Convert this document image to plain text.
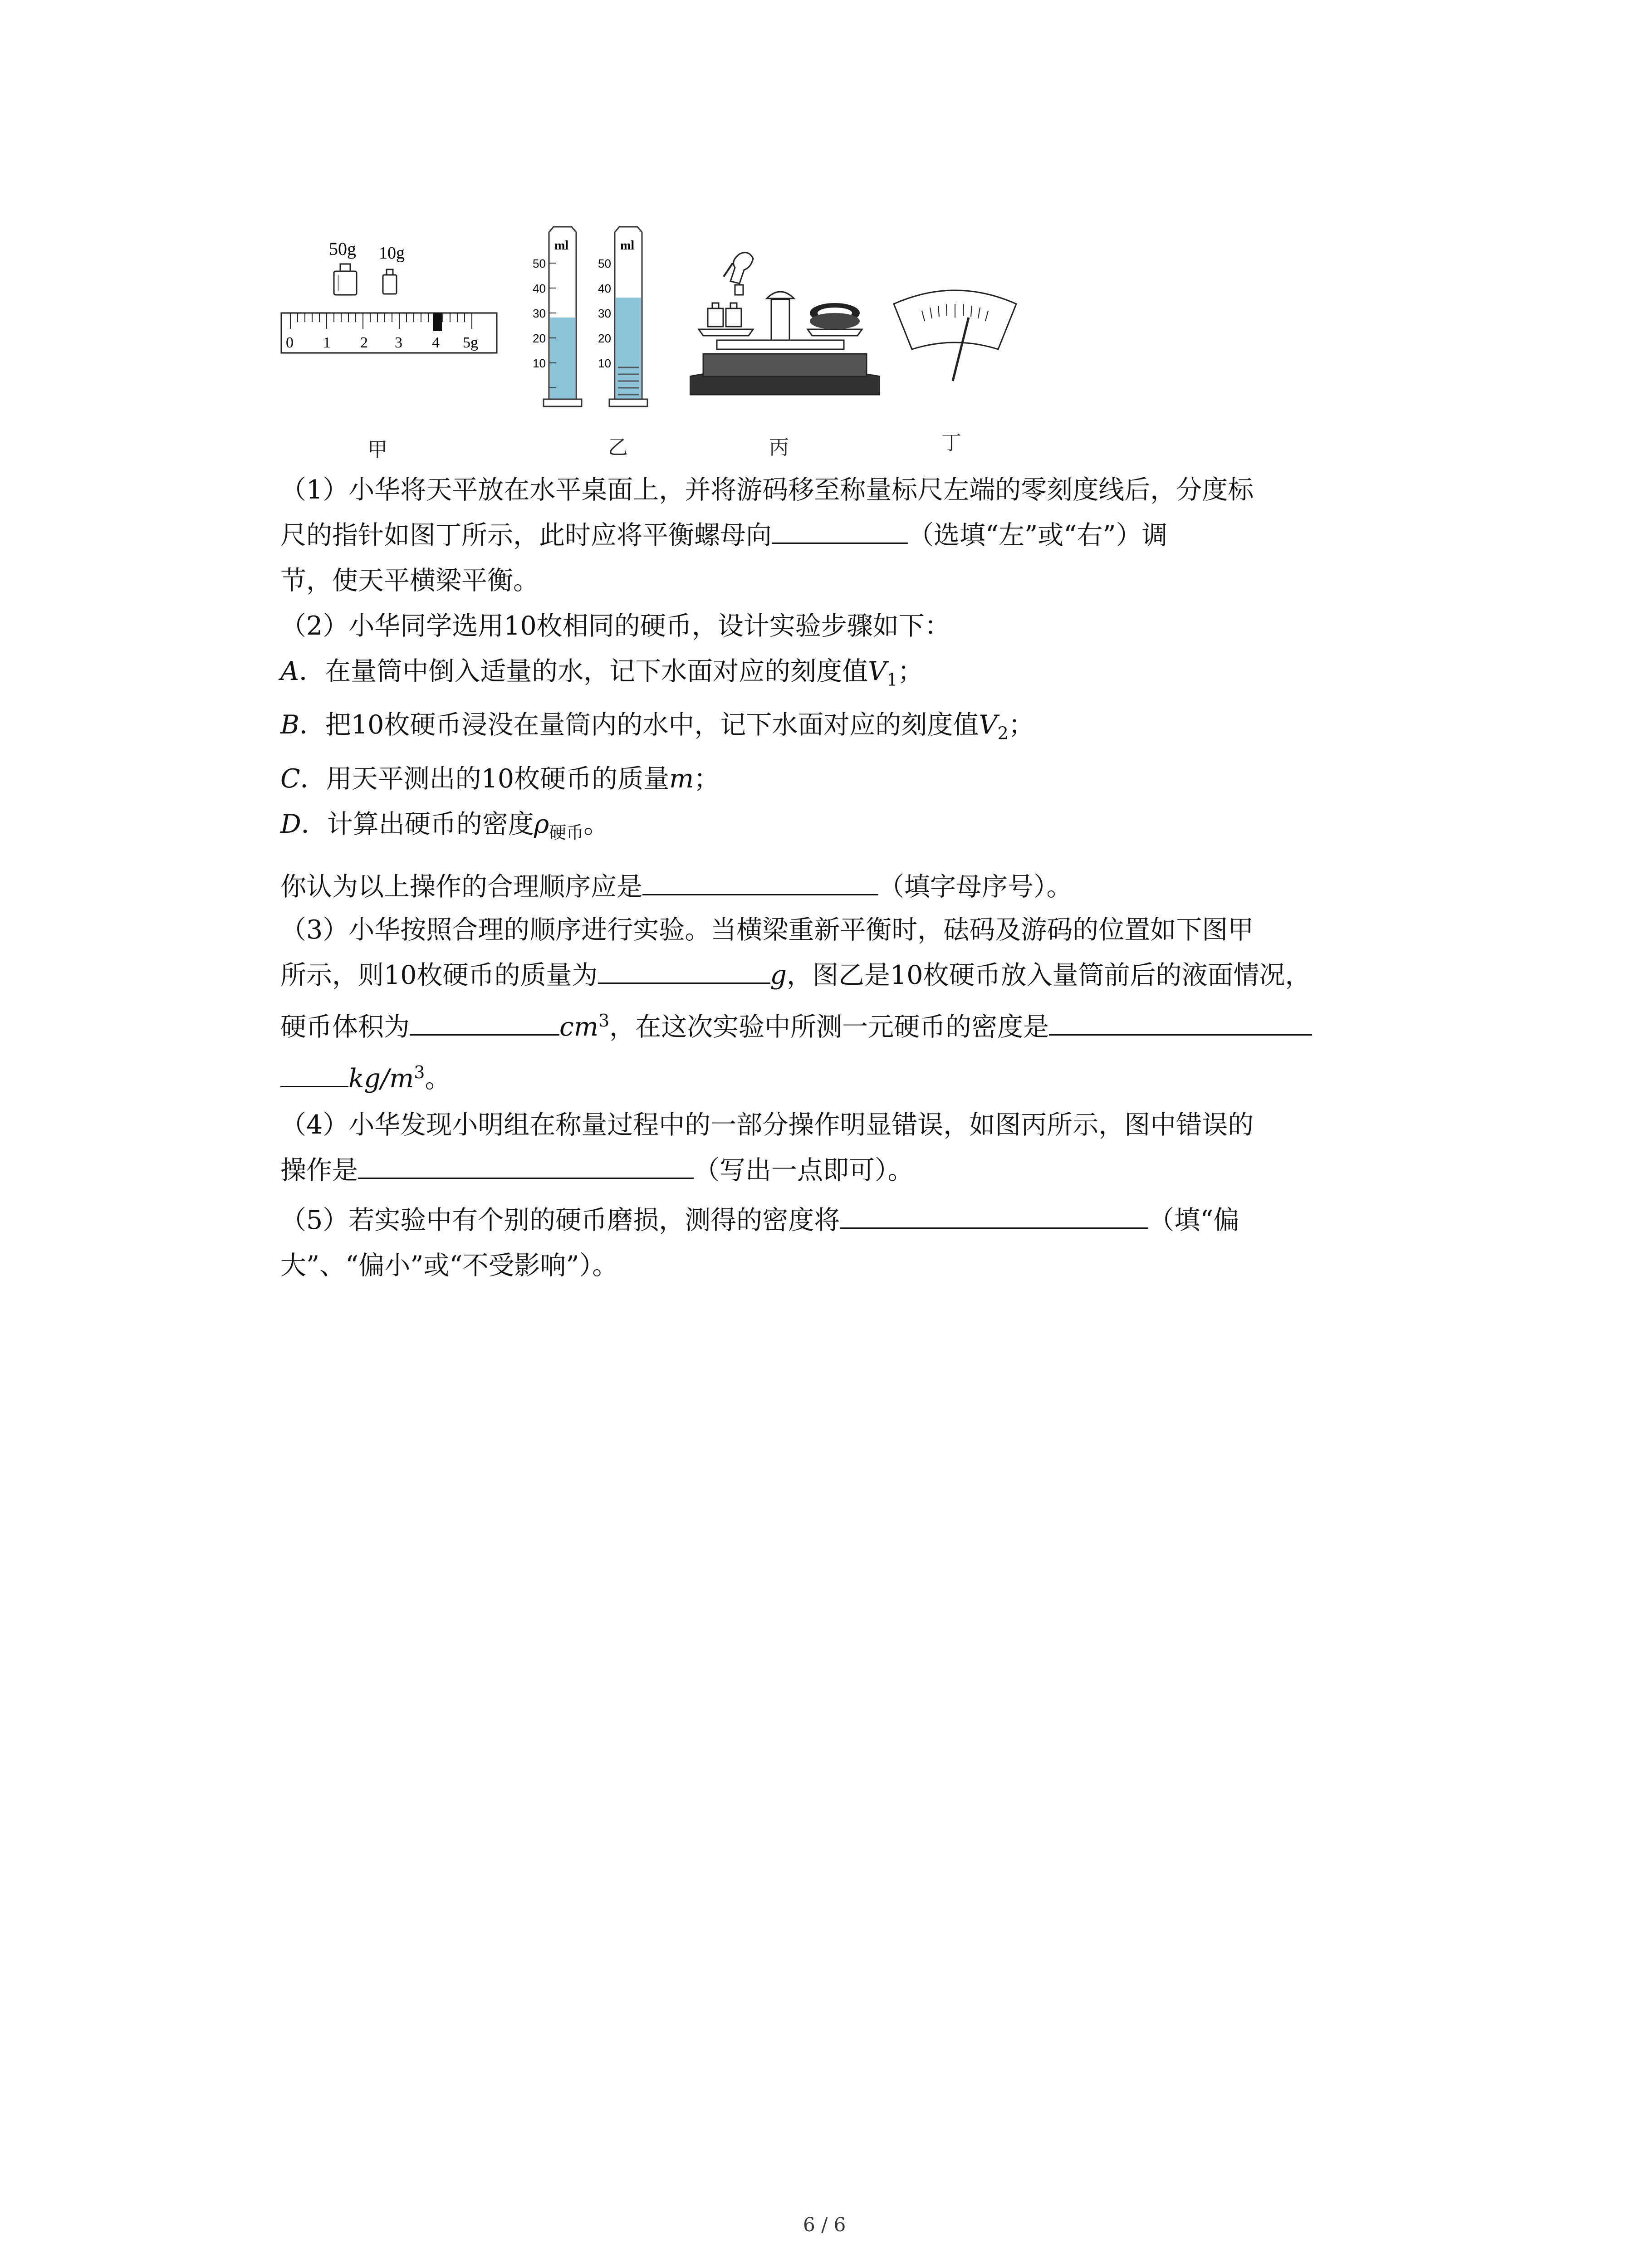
50g 10g
0 1 2 3 4 5g
甲
ml
50
40
30
20
10
ml
50
40
30
20
10
乙	丙	丁
（1）小华将天平放在水平桌面上，并将游码移至称量标尺左端的零刻度线后，分度标
尺的指针如图丁所示，此时应将平衡螺母向	（选填“左”或“右”）调
节，使天平横梁平衡。
（2）小华同学选用10枚相同的硬币，设计实验步骤如下：
A．在量筒中倒入适量的水，记下水面对应的刻度值$V_1$；
B．把10枚硬币浸没在量筒内的水中，记下水面对应的刻度值$V_2$；
C．用天平测出的10枚硬币的质量m；
D．计算出硬币的密度$\rho_{硬币}$。
你认为以上操作的合理顺序应是	（填字母序号）。
（3）小华按照合理的顺序进行实验。当横梁重新平衡时，砝码及游码的位置如下图甲
所示，则10枚硬币的质量为	g，图乙是10枚硬币放入量筒前后的液面情况，
硬币体积为	$cm^3$，在这次实验中所测一元硬币的密度是
$kg/m^3$。
（4）小华发现小明组在称量过程中的一部分操作明显错误，如图丙所示，图中错误的
操作是	（写出一点即可）。
（5）若实验中有个别的硬币磨损，测得的密度将	（填“偏
大”、“偏小”或“不受影响”）。
6 / 6
